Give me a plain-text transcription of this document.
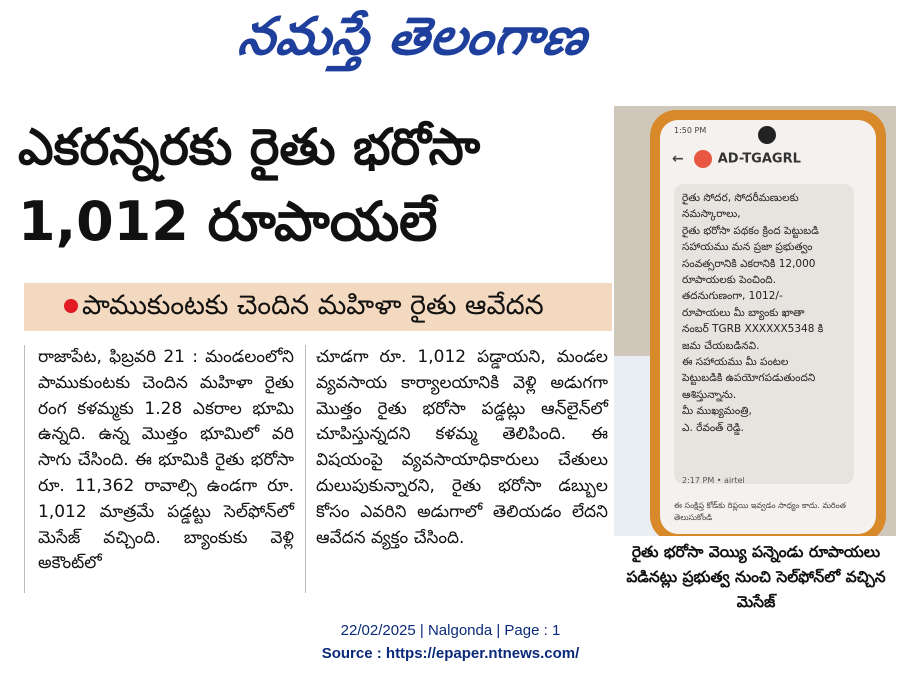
నమస్తే తెలంగాణ
ఎకరన్నరకు రైతు భరోసా
1,012 రూపాయలే
పాముకుంటకు చెందిన మహిళా రైతు ఆవేదన
రాజాపేట, ఫిబ్రవరి 21 : మండలంలోని పాముకుంటకు చెందిన మహిళా రైతు రంగ కళమ్మకు 1.28 ఎకరాల భూమి ఉన్నది. ఉన్న మొత్తం భూమిలో వరి సాగు చేసింది. ఈ భూమికి రైతు భరోసా రూ. 11,362 రావాల్సి ఉండగా రూ. 1,012 మాత్రమే పడ్డట్టు సెల్‌ఫోన్‌లో మెసేజ్ వచ్చింది. బ్యాంకుకు వెళ్లి అకౌంట్‌లో
చూడగా రూ. 1,012 పడ్డాయని, మండల వ్యవసాయ కార్యాలయానికి వెళ్లి అడుగగా మొత్తం రైతు భరోసా పడ్డట్లు ఆన్‌లైన్‌లో చూపిస్తున్నదని కళమ్మ తెలిపింది. ఈ విషయంపై వ్యవసాయాధికారులు చేతులు దులుపుకున్నారని, రైతు భరోసా డబ్బుల కోసం ఎవరిని అడుగాలో తెలియడం లేదని ఆవేదన వ్యక్తం చేసింది.
1:50 PM
←	AD-TGAGRL
రైతు సోదర, సోదరీమణులకు
నమస్కారాలు,
రైతు భరోసా పథకం క్రింద పెట్టుబడి
సహాయము మన ప్రజా ప్రభుత్వం
సంవత్సరానికి ఎకరానికి 12,000
రూపాయలకు పెంచింది.
తదనుగుణంగా, 1012/-
రూపాయలు మీ బ్యాంకు ఖాతా
నంబర్ TGRB XXXXXX5348 కి
జమ చేయబడినవి.
ఈ సహాయము మీ పంటల
పెట్టుబడికి ఉపయోగపడుతుందని
ఆశిస్తున్నాను.
మీ ముఖ్యమంత్రి,
ఎ. రేవంత్ రెడ్డి.
2:17 PM • airtel
ఈ సంక్షిప్త కోడ్‌కు రిప్లయి ఇవ్వడం సాధ్యం కాదు. మరింత తెలుసుకోండి
రైతు భరోసా వెయ్యి పన్నెండు రూపాయలు పడినట్లు ప్రభుత్వ నుంచి సెల్‌ఫోన్‌లో వచ్చిన మెసేజ్
22/02/2025 | Nalgonda | Page : 1
Source : https://epaper.ntnews.com/
